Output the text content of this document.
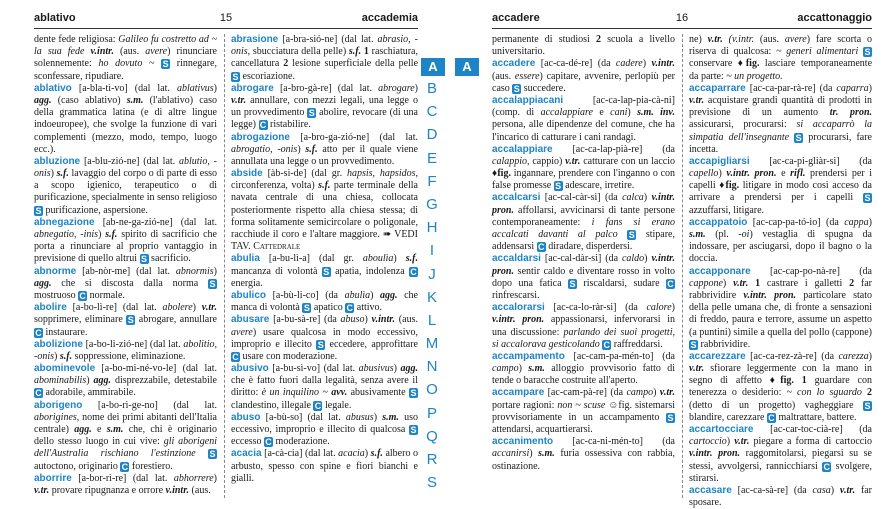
ablativo	15	accademia

dente fede religiosa: Galileo fu costretto ad ~ la sua fede v.intr. (aus. avere) rinunciare solennemente: ho dovuto ~ S rinnegare, sconfessare, ripudiare.

ablativo [a-bla-tì-vo] (dal lat. ablativus) agg. (caso ablativo) s.m. (l'ablativo) caso della grammatica latina (e di altre lingue indoeuropee), che svolge la funzione di vari complementi (mezzo, modo, tempo, luogo ecc.).

abluzione [a-blu-zió-ne] (dal lat. ablutio, -onis) s.f. lavaggio del corpo o di parte di esso a scopo igienico, terapeutico o di purificazione, specialmente in senso religioso S purificazione, aspersione.

abnegazione [ab-ne-ga-zió-ne] (dal lat. abnegatio, -inis) s.f. spirito di sacrificio che porta a rinunciare al proprio vantaggio in previsione di quello altrui S sacrificio.

abnorme [ab-nòr-me] (dal lat. abnormis) agg. che si discosta dalla norma S mostruoso C normale.

abolire [a-bo-lì-re] (dal lat. abolere) v.tr. sopprimere, eliminare S abrogare, annullare C instaurare.

abolizione [a-bo-li-zió-ne] (dal lat. abolitio, -onis) s.f. soppressione, eliminazione.

abominevole [a-bo-mi-né-vo-le] (dal lat. abominabilis) agg. disprezzabile, detestabile C adorabile, ammirabile.

aborigeno [a-bo-rì-ge-no] (dal lat. aborigines, nome dei primi abitanti dell'Italia centrale) agg. e s.m. che, chi è originario dello stesso luogo in cui vive: gli aborigeni dell'Australia rischiano l'estinzione S autoctono, originario C forestiero.

aborrire [a-bor-rì-re] (dal lat. abhorrere) v.tr. provare ripugnanza e orrore v.intr. (aus.

abrasione [a-bra-sió-ne] (dal lat. abrasio, -onis, sbucciatura della pelle) s.f. 1 raschiatura, cancellatura 2 lesione superficiale della pelle S escoriazione.

abrogare [a-bro-gà-re] (dal lat. abrogare) v.tr. annullare, con mezzi legali, una legge o un provvedimento S abolire, revocare (di una legge) C ristabilire.

abrogazione [a-bro-ga-zió-ne] (dal lat. abrogatio, -onis) s.f. atto per il quale viene annullata una legge o un provvedimento.

abside [àb-si-de] (dal gr. hapsis, hapsidos, circonferenza, volta) s.f. parte terminale della navata centrale di una chiesa, collocata posteriormente rispetto alla chiesa stessa; di forma solitamente semicircolare o poligonale, racchiude il coro e l'altare maggiore. ➠ VEDI TAV. Cattedrale

abulia [a-bu-lì-a] (dal gr. aboulìa) s.f. mancanza di volontà S apatia, indolenza C energia.

abulico [a-bù-li-co] (da abulìa) agg. che manca di volontà S apatico C attivo.

abusare [a-bu-sà-re] (da abuso) v.intr. (aus. avere) usare qualcosa in modo eccessivo, improprio e illecito S eccedere, approfittare C usare con moderazione.

abusivo [a-bu-sì-vo] (dal lat. abusivus) agg. che è fatto fuori dalla legalità, senza avere il diritto: è un inquilino ~ avv. abusivamente S clandestino, illegale C legale.

abuso [a-bù-so] (dal lat. abusus) s.m. uso eccessivo, improprio e illecito di qualcosa S eccesso C moderazione.

acacia [a-cà-cia] (dal lat. acacia) s.f. albero o arbusto, spesso con spine e fiori bianchi e gialli.

A	A
B
C
D
E
F
G
H
I
J
K
L
M
N
O
P
Q
R
S
accadere	16	accattonaggio

permanente di studiosi 2 scuola a livello universitario.

accadere [ac-ca-dé-re] (da cadere) v.intr. (aus. essere) capitare, avvenire, perlopiù per caso S succedere.

accalappiacani [ac-ca-lap-pia-cà-ni] (comp. di accalappiare e cani) s.m. inv. persona, alle dipendenze del comune, che ha l'incarico di catturare i cani randagi.

accalappiare [ac-ca-lap-pià-re] (da calappio, cappio) v.tr. catturare con un laccio ♦fig. ingannare, prendere con l'inganno o con false promesse S adescare, irretire.

accalcarsi [ac-cal-càr-si] (da calca) v.intr. pron. affollarsi, avvicinarsi di tante persone contemporaneamente: i fans si erano accalcati davanti al palco S stipare, addensarsi C diradare, disperdersi.

accaldarsi [ac-cal-dàr-si] (da caldo) v.intr. pron. sentir caldo e diventare rosso in volto dopo una fatica S riscaldarsi, sudare C rinfrescarsi.

accalorarsi [ac-ca-lo-ràr-si] (da calore) v.intr. pron. appassionarsi, infervorarsi in una discussione: parlando dei suoi progetti, si accalorava gesticolando C raffreddarsi.

accampamento [ac-cam-pa-mén-to] (da campo) s.m. alloggio provvisorio fatto di tende o baracche costruite all'aperto.

accampare [ac-cam-pà-re] (da campo) v.tr. portare ragioni: non ~ scuse ☺fig. sistemarsi provvisoriamente in un accampamento S attendarsi, acquartierarsi.

accanimento [ac-ca-ni-mén-to] (da accanirsi) s.m. furia ossessiva con rabbia, ostinazione.

ne) v.tr. (v.intr. (aus. avere) fare scorta o riserva di qualcosa: ~ generi alimentari S conservare ♦fig. lasciare temporaneamente da parte: ~ un progetto.

accaparrare [ac-ca-par-rà-re] (da caparra) v.tr. acquistare grandi quantità di prodotti in previsione di un aumento tr. pron. assicurarsi, procurarsi: si accaparrò la simpatia dell'insegnante S procurarsi, fare incetta.

accapigliarsi [ac-ca-pi-gliàr-si] (da capello) v.intr. pron. e rifl. prendersi per i capelli ♦fig. litigare in modo così acceso da arrivare a prendersi per i capelli S azzuffarsi, litigare.

accappatoio [ac-cap-pa-tó-io] (da cappa) s.m. (pl. -oi) vestaglia di spugna da indossare, per asciugarsi, dopo il bagno o la doccia.

accapponare [ac-cap-po-nà-re] (da cappone) v.tr. 1 castrare i galletti 2 far rabbrividire v.intr. pron. particolare stato della pelle umana che, di fronte a sensazioni di freddo, paura e terrore, assume un aspetto (a puntini) simile a quella del pollo (cappone) S rabbrividire.

accarezzare [ac-ca-rez-zà-re] (da carezza) v.tr. sfiorare leggermente con la mano in segno di affetto ♦fig. 1 guardare con tenerezza o desiderio: ~ con lo sguardo 2 (detto di un progetto) vagheggiare S blandire, carezzare C maltrattare, battere.

accartocciare [ac-car-toc-cià-re] (da cartoccio) v.tr. piegare a forma di cartoccio v.intr. pron. raggomitolarsi, piegarsi su se stessi, avvolgersi, rannicchiarsi C svolgere, stirarsi.

accasare [ac-ca-sà-re] (da casa) v.tr. far sposare.
